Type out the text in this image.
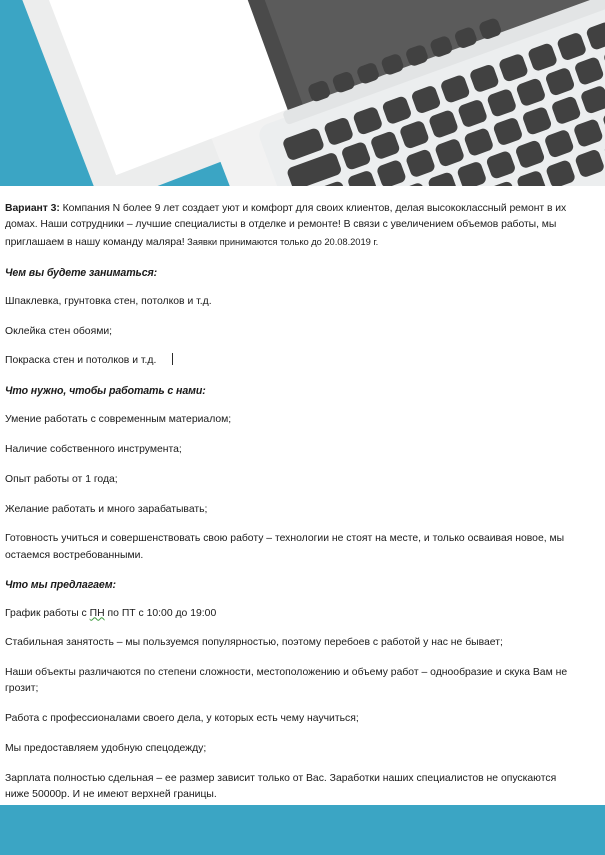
Вариант 3: Компания N более 9 лет создает уют и комфорт для своих клиентов, делая высококлассный ремонт в их домах. Наши сотрудники – лучшие специалисты в отделке и ремонте! В связи с увеличением объемов работы, мы приглашаем в нашу команду маляра! Заявки принимаются только до 20.08.2019 г.

Чем вы будете заниматься:

Шпаклевка, грунтовка стен, потолков и т.д.

Оклейка стен обоями;

Покраска стен и потолков и т.д.

Что нужно, чтобы работать с нами:

Умение работать с современным материалом;

Наличие собственного инструмента;

Опыт работы от 1 года;

Желание работать и много зарабатывать;

Готовность учиться и совершенствовать свою работу – технологии не стоят на месте, и только осваивая новое, мы остаемся востребованными.

Что мы предлагаем:

График работы с ПН по ПТ с 10:00 до 19:00

Стабильная занятость – мы пользуемся популярностью, поэтому перебоев с работой у нас не бывает;

Наши объекты различаются по степени сложности, местоположению и объему работ – однообразие и скука Вам не грозит;

Работа с профессионалами своего дела, у которых есть чему научиться;

Мы предоставляем удобную спецодежду;

Зарплата полностью сдельная – ее размер зависит только от Вас. Заработки наших специалистов не опускаются ниже 50000р. И не имеют верхней границы.
